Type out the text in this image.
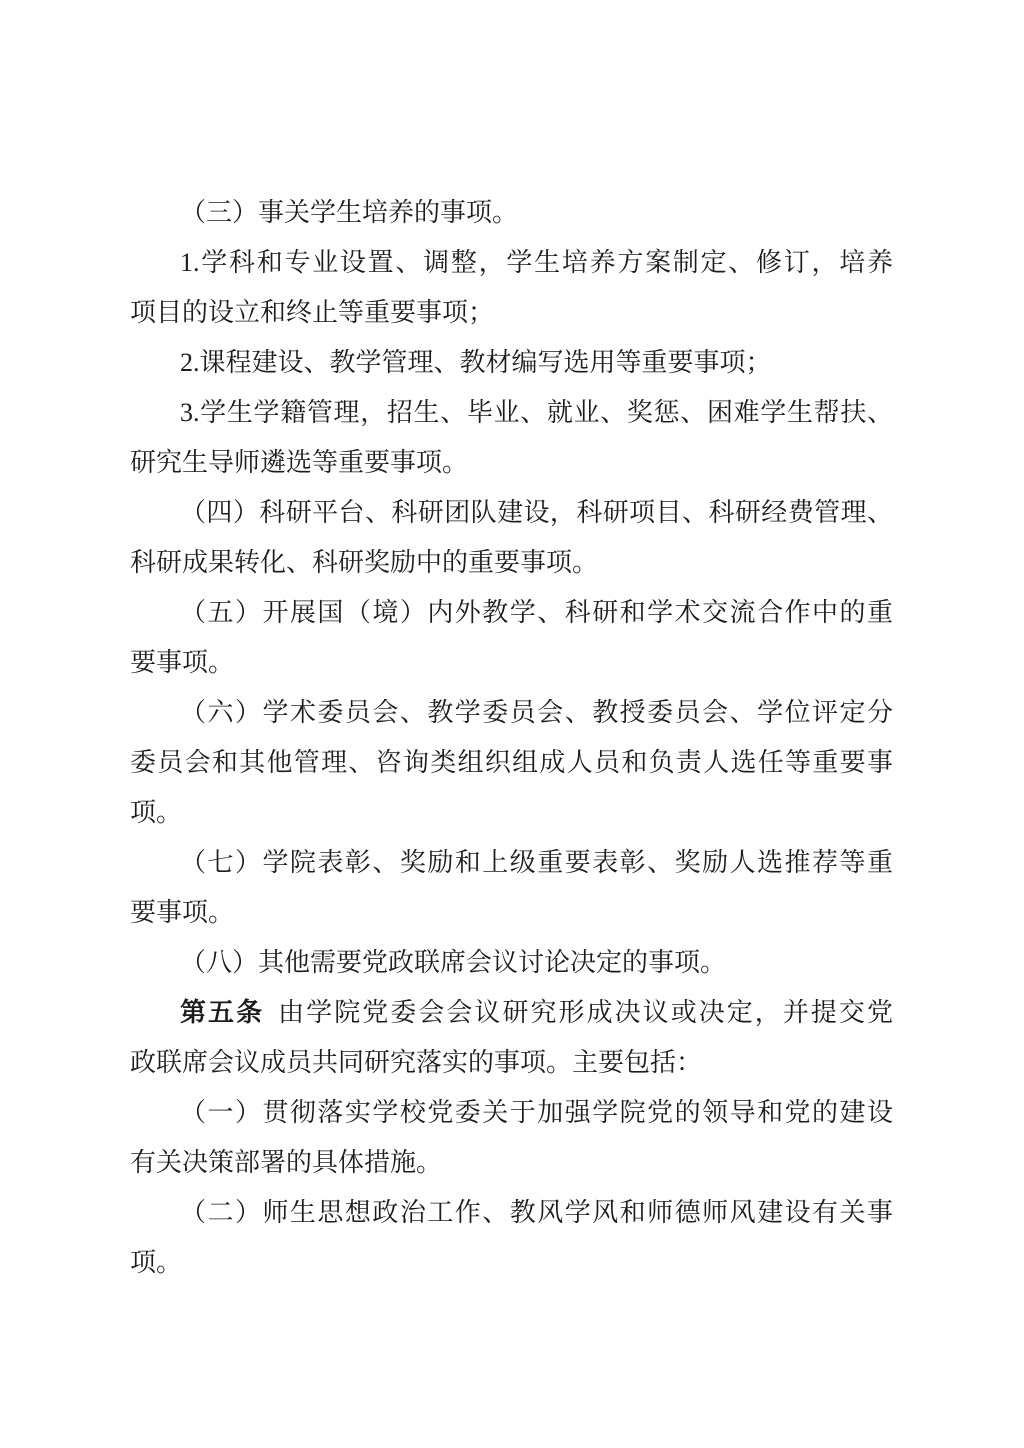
（三）事关学生培养的事项。
1.学科和专业设置、调整，学生培养方案制定、修订，培养
项目的设立和终止等重要事项；
2.课程建设、教学管理、教材编写选用等重要事项；
3.学生学籍管理，招生、毕业、就业、奖惩、困难学生帮扶、
研究生导师遴选等重要事项。
（四）科研平台、科研团队建设，科研项目、科研经费管理、
科研成果转化、科研奖励中的重要事项。
（五）开展国（境）内外教学、科研和学术交流合作中的重
要事项。
（六）学术委员会、教学委员会、教授委员会、学位评定分
委员会和其他管理、咨询类组织组成人员和负责人选任等重要事
项。
（七）学院表彰、奖励和上级重要表彰、奖励人选推荐等重
要事项。
（八）其他需要党政联席会议讨论决定的事项。
第五条 由学院党委会会议研究形成决议或决定，并提交党
政联席会议成员共同研究落实的事项。主要包括：
（一）贯彻落实学校党委关于加强学院党的领导和党的建设
有关决策部署的具体措施。
（二）师生思想政治工作、教风学风和师德师风建设有关事
项。
